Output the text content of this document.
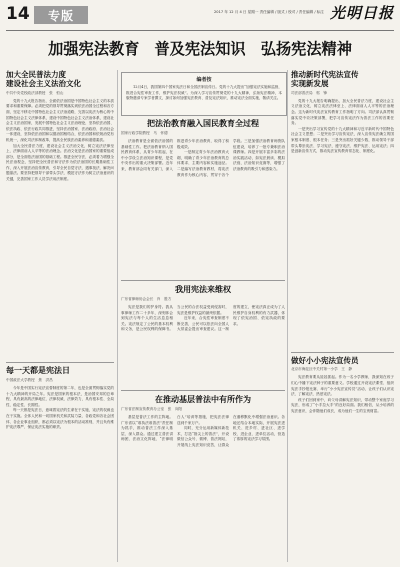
14	专版	2017 年 12 月 4 日 星期一 责任编辑 / 版式 / 校对 / 责任编辑 / 标注 光明日报
加强宪法教育　普及宪法知识　弘扬宪法精神
加大全民普法力度
建设社会主义法治文化
中共中央党校政法部教授　张　恒山

党的十九大报告指出，全面依法治国是中国特色社会主义的本质要求和重要保障。必须把党的领导贯彻落实到依法治国全过程和各方面，坚定不移走中国特色社会主义法治道路，完善以宪法为核心的中国特色社会主义法律体系，建设中国特色社会主义法治体系，建设社会主义法治国家，发展中国特色社会主义法治理论，坚持依法治国、依法执政、依法行政共同推进，坚持法治国家、法治政府、法治社会一体建设，坚持依法治国和以德治国相结合，依法治国和依规治党有机统一，深化司法体制改革，提高全民族法治素养和道德素质。

加大全民普法力度，建设社会主义法治文化，树立宪法法律至上、法律面前人人平等的法治理念。法治文化是法治国家的重要组成部分，是全面依法治国的基础工程。推进全民守法，必须着力增强全民法治观念，坚持把全民普法和守法作为依法治国的长期基础性工作，深入开展法治宣传教育，引导全民自觉守法、遇事找法、解决问题靠法。要坚持把领导干部带头学法、模范守法作为树立法治意识的关键，完善国家工作人员学法用法制度。

每一天都是宪法日
中国政法大学教授　焦　洪昌

今年是中国实行宪法宣誓制度的第二年，也是全面贯彻落实党的十九大精神的开局之年。宪法是国家的根本法，是治国安邦的总章程，具有最高的法律地位、法律权威、法律效力，具有根本性、全局性、稳定性、长期性。

每一天都是宪法日，意味着宪法的生命在于实施，宪法的权威也在于实施。全体人民和一切国家机关和武装力量、各政党和各社会团体、各企业事业组织，都必须以宪法为根本的活动准则，并且负有维护宪法尊严、保证宪法实施的职责。

编者按

12月4日，我国第四个国家宪法日和全国法制宣传日。党的十九大提出“加强宪法实施和监督，推进合宪性审查工作，维护宪法权威”。为深入学习宣传贯彻党的十九大精神，弘扬宪法精神，本版特邀请专家学者撰文，探讨如何加强宪法教育、普及宪法知识，推动宪法全面实施，敬请关注。

把法治教育融入国民教育全过程
国家行政学院教授　马　怀德

法治教育是全面依法治国的基础性工作。把法治教育纳入国民教育体系，从青少年抓起，在中小学设立法治知识课程，是党中央作出的重大决策部署。近年来，教育部会同有关部门，深入推进青少年法治教育，取得了积极成效。

一是制定青少年法治教育大纲，明确了青少年法治教育的总体要求、主要内容和实施途径。二是编写法治教育教材，将宪法教育作为核心内容，贯穿于各个学段。三是加强法治教育师资队伍建设，培养了一批专兼职法治课教师。四是开展丰富多彩的法治实践活动，如宪法晨读、模拟法庭、法治知识竞赛等，增强了法治教育的吸引力和感染力。

我用宪法来维权
广东省律师协会会长　肖　胜方

宪法是我们的护身符。我从事律师工作二十多年，深刻体会到宪法与每个人的生活息息相关。宪法规定了公民的基本权利和义务，是公民权利的保障书。当公民的合法权益受到侵害时，宪法是维护权益的最终依据。

近年来，合宪性审查制度不断完善，公民可以依法向全国人大常委会提出审查建议。这一制度的建立，使宪法真正成为了人民维护自身权利的有力武器，体现了依宪治国、依宪执政的要求。

在推动基层普法中有所作为
广东省法制宣传教育办公室　张　向阳

基层是普法工作的主阵地。广东省以“谁执法谁普法”责任制为抓手，推动普法工作深入基层、深入群众。通过建立普法讲师团、法治文化阵地、“法律明白人”培训等措施，把宪法法律送到千家万户。

同时，充分运用新媒体新技术，打造“指尖上的普法”，开设微信公众号、微博、普法网站，开展线上宪法知识竞答，让群众在潜移默化中增强法治意识。各地还结合本地实际，开展宪法进机关、进乡村、进社区、进学校、进企业、进单位活动，营造了浓厚的宪法学习氛围。

推动新时代宪法宣传
实现新发展
司法部普法局　郭　锋

党的十九大报告明确提出，加大全民普法力度，建设社会主义法治文化，树立宪法法律至上、法律面前人人平等的法治理念。这为新时代宪法宣传教育工作指明了方向。司法部认真贯彻落实党中央决策部署，把学习宣传宪法作为普法工作的首要任务。

一是突出学习宣传党的十九大精神和习近平新时代中国特色社会主义思想；二是突出学习宣传宪法，深入宣传宪法确立的国家根本制度、根本任务；三是突出抓好关键少数，推动领导干部带头尊崇宪法、学习宪法、遵守宪法、维护宪法、运用宪法；四是创新宣传方式，推动宪法宣传教育常态化、制度化。

做好小小宪法宣传员
北京市海淀区中关村第一小学　王　静

宪法教育要从娃娃抓起。作为一名小学教师，我深知在孩子们心中播下宪法种子的重要意义。学校通过开设宪法课堂、组织宪法手抄报比赛、举行“小小宪法宣传员”活动，让孩子们认识宪法、了解宪法、热爱宪法。

孩子们回到家中，向父母讲解宪法知识，带动整个家庭学习宪法，形成了“小手拉大手”的良好局面。我们相信，从小培养的宪法意识，会伴随他们成长，成为他们一生的宝贵财富。
